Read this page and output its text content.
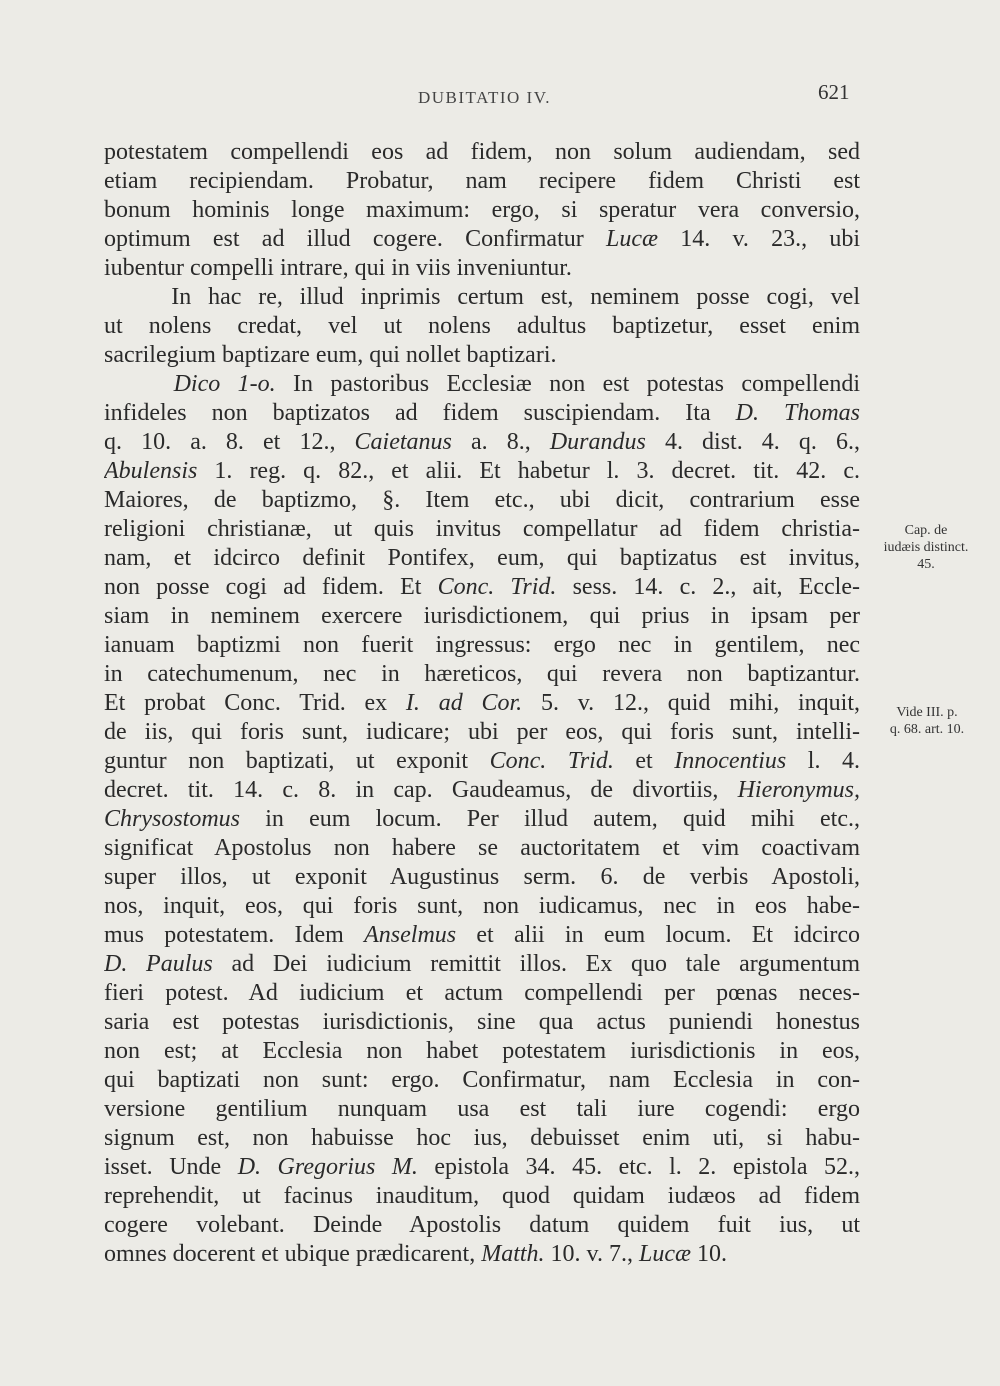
DUBITATIO IV.	621
potestatem compellendi eos ad fidem, non solum audiendam, sed
etiam recipiendam. Probatur, nam recipere fidem Christi est
bonum hominis longe maximum: ergo, si speratur vera conversio,
optimum est ad illud cogere. Confirmatur Lucæ 14. v. 23., ubi
iubentur compelli intrare, qui in viis inveniuntur.
In hac re, illud inprimis certum est, neminem posse cogi, vel
ut nolens credat, vel ut nolens adultus baptizetur, esset enim
sacrilegium baptizare eum, qui nollet baptizari.
Dico 1-o. In pastoribus Ecclesiæ non est potestas compellendi
infideles non baptizatos ad fidem suscipiendam. Ita D. Thomas
q. 10. a. 8. et 12., Caietanus a. 8., Durandus 4. dist. 4. q. 6.,
Abulensis 1. reg. q. 82., et alii. Et habetur l. 3. decret. tit. 42. c.
Maiores, de baptizmo, §. Item etc., ubi dicit, contrarium esse
religioni christianæ, ut quis invitus compellatur ad fidem christia-
nam, et idcirco definit Pontifex, eum, qui baptizatus est invitus,
non posse cogi ad fidem. Et Conc. Trid. sess. 14. c. 2., ait, Eccle-
siam in neminem exercere iurisdictionem, qui prius in ipsam per
ianuam baptizmi non fuerit ingressus: ergo nec in gentilem, nec
in catechumenum, nec in hæreticos, qui revera non baptizantur.
Et probat Conc. Trid. ex I. ad Cor. 5. v. 12., quid mihi, inquit,
de iis, qui foris sunt, iudicare; ubi per eos, qui foris sunt, intelli-
guntur non baptizati, ut exponit Conc. Trid. et Innocentius l. 4.
decret. tit. 14. c. 8. in cap. Gaudeamus, de divortiis, Hieronymus,
Chrysostomus in eum locum. Per illud autem, quid mihi etc.,
significat Apostolus non habere se auctoritatem et vim coactivam
super illos, ut exponit Augustinus serm. 6. de verbis Apostoli,
nos, inquit, eos, qui foris sunt, non iudicamus, nec in eos habe-
mus potestatem. Idem Anselmus et alii in eum locum. Et idcirco
D. Paulus ad Dei iudicium remittit illos. Ex quo tale argumentum
fieri potest. Ad iudicium et actum compellendi per pœnas neces-
saria est potestas iurisdictionis, sine qua actus puniendi honestus
non est; at Ecclesia non habet potestatem iurisdictionis in eos,
qui baptizati non sunt: ergo. Confirmatur, nam Ecclesia in con-
versione gentilium nunquam usa est tali iure cogendi: ergo
signum est, non habuisse hoc ius, debuisset enim uti, si habu-
isset. Unde D. Gregorius M. epistola 34. 45. etc. l. 2. epistola 52.,
reprehendit, ut facinus inauditum, quod quidam iudæos ad fidem
cogere volebant. Deinde Apostolis datum quidem fuit ius, ut
omnes docerent et ubique prædicarent, Matth. 10. v. 7., Lucæ 10.
Cap. de
iudæis distinct.
45.
Vide III. p.
q. 68. art. 10.
